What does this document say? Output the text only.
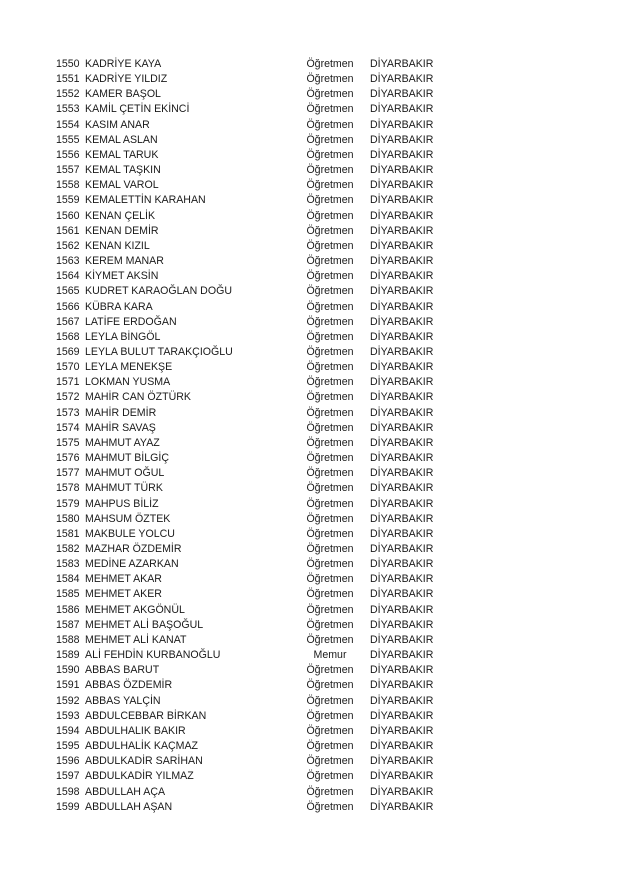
1550 KADRİYE KAYA	Öğretmen	DİYARBAKIR
1551 KADRİYE YILDIZ	Öğretmen	DİYARBAKIR
1552 KAMER BAŞOL	Öğretmen	DİYARBAKIR
1553 KAMİL ÇETİN EKİNCİ	Öğretmen	DİYARBAKIR
1554 KASIM ANAR	Öğretmen	DİYARBAKIR
1555 KEMAL ASLAN	Öğretmen	DİYARBAKIR
1556 KEMAL TARUK	Öğretmen	DİYARBAKIR
1557 KEMAL TAŞKIN	Öğretmen	DİYARBAKIR
1558 KEMAL VAROL	Öğretmen	DİYARBAKIR
1559 KEMALETTİN KARAHAN	Öğretmen	DİYARBAKIR
1560 KENAN ÇELİK	Öğretmen	DİYARBAKIR
1561 KENAN DEMİR	Öğretmen	DİYARBAKIR
1562 KENAN KIZIL	Öğretmen	DİYARBAKIR
1563 KEREM MANAR	Öğretmen	DİYARBAKIR
1564 KİYMET AKSİN	Öğretmen	DİYARBAKIR
1565 KUDRET KARAOĞLAN DOĞU	Öğretmen	DİYARBAKIR
1566 KÜBRA KARA	Öğretmen	DİYARBAKIR
1567 LATİFE ERDOĞAN	Öğretmen	DİYARBAKIR
1568 LEYLA BİNGÖL	Öğretmen	DİYARBAKIR
1569 LEYLA BULUT TARAKÇIOĞLU	Öğretmen	DİYARBAKIR
1570 LEYLA MENEKŞE	Öğretmen	DİYARBAKIR
1571 LOKMAN YUSMA	Öğretmen	DİYARBAKIR
1572 MAHİR CAN ÖZTÜRK	Öğretmen	DİYARBAKIR
1573 MAHİR DEMİR	Öğretmen	DİYARBAKIR
1574 MAHİR SAVAŞ	Öğretmen	DİYARBAKIR
1575 MAHMUT AYAZ	Öğretmen	DİYARBAKIR
1576 MAHMUT BİLGİÇ	Öğretmen	DİYARBAKIR
1577 MAHMUT OĞUL	Öğretmen	DİYARBAKIR
1578 MAHMUT TÜRK	Öğretmen	DİYARBAKIR
1579 MAHPUS BİLİZ	Öğretmen	DİYARBAKIR
1580 MAHSUM ÖZTEK	Öğretmen	DİYARBAKIR
1581 MAKBULE YOLCU	Öğretmen	DİYARBAKIR
1582 MAZHAR ÖZDEMİR	Öğretmen	DİYARBAKIR
1583 MEDİNE AZARKAN	Öğretmen	DİYARBAKIR
1584 MEHMET AKAR	Öğretmen	DİYARBAKIR
1585 MEHMET AKER	Öğretmen	DİYARBAKIR
1586 MEHMET AKGÖNÜL	Öğretmen	DİYARBAKIR
1587 MEHMET ALİ BAŞOĞUL	Öğretmen	DİYARBAKIR
1588 MEHMET ALİ KANAT	Öğretmen	DİYARBAKIR
1589 ALİ FEHDİN KURBANOĞLU	Memur	DİYARBAKIR
1590 ABBAS BARUT	Öğretmen	DİYARBAKIR
1591 ABBAS ÖZDEMİR	Öğretmen	DİYARBAKIR
1592 ABBAS YALÇİN	Öğretmen	DİYARBAKIR
1593 ABDULCEBBAR BİRKAN	Öğretmen	DİYARBAKIR
1594 ABDULHALIK BAKIR	Öğretmen	DİYARBAKIR
1595 ABDULHALİK KAÇMAZ	Öğretmen	DİYARBAKIR
1596 ABDULKADİR SARİHAN	Öğretmen	DİYARBAKIR
1597 ABDULKADİR YILMAZ	Öğretmen	DİYARBAKIR
1598 ABDULLAH AÇA	Öğretmen	DİYARBAKIR
1599 ABDULLAH AŞAN	Öğretmen	DİYARBAKIR
